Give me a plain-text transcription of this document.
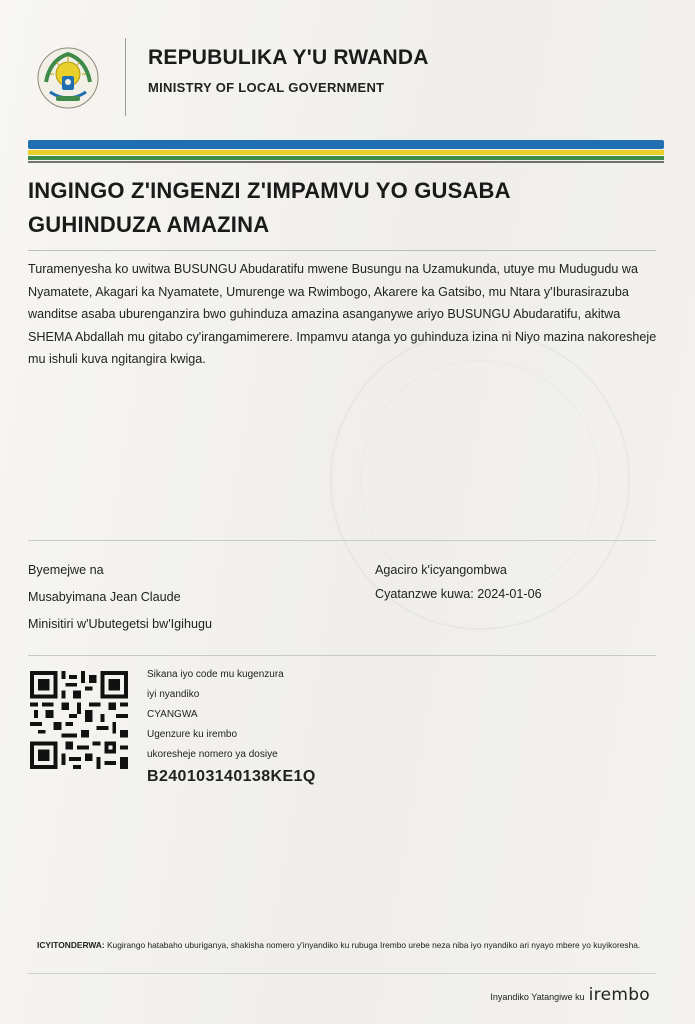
REPUBULIKA Y'U RWANDA
MINISTRY OF LOCAL GOVERNMENT
INGINGO Z'INGENZI Z'IMPAMVU YO GUSABA
GUHINDUZA AMAZINA
Turamenyesha ko uwitwa BUSUNGU Abudaratifu mwene Busungu na Uzamukunda, utuye mu Mudugudu wa Nyamatete, Akagari ka Nyamatete, Umurenge wa Rwimbogo, Akarere ka Gatsibo, mu Ntara y'Iburasirazuba wanditse asaba uburenganzira bwo guhinduza amazina asanganywe ariyo BUSUNGU Abudaratifu, akitwa SHEMA Abdallah mu gitabo cy'irangamimerere. Impamvu atanga yo guhinduza izina ni Niyo mazina nakoresheje mu ishuli kuva ngitangira kwiga.
Byemejwe na
Musabyimana Jean Claude
Minisitiri w'Ubutegetsi bw'Igihugu
Agaciro k'icyangombwa
Cyatanzwe kuwa: 2024-01-06
Sikana iyo code mu kugenzura
iyi nyandiko
CYANGWA
Ugenzure ku irembo
ukoresheje nomero ya dosiye
B240103140138KE1Q
ICYITONDERWA: Kugirango hatabaho uburiganya, shakisha nomero y'inyandiko ku rubuga Irembo urebe neza niba iyo nyandiko ari nyayo mbere yo kuyikoresha.
Inyandiko Yatangiwe ku irembo
